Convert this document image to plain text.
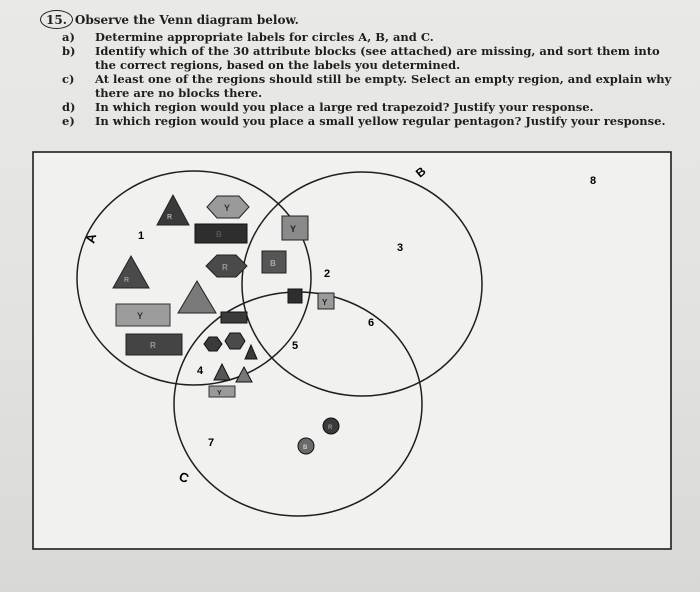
15. Observe the Venn diagram below.
a)	Determine appropriate labels for circles A, B, and C.
b)	Identify which of the 30 attribute blocks (see attached) are missing, and sort them into the correct regions, based on the labels you determined.
c)	At least one of the regions should still be empty. Select an empty region, and explain why there are no blocks there.
d)	In which region would you place a large red trapezoid? Justify your response.
e)	In which region would you place a small yellow regular pentagon? Justify your response.
A
B
C
1
2
3
4
5
6
7
8
R
Y
B
R
R
Y
R
Y
B
Y
Y
R
B
